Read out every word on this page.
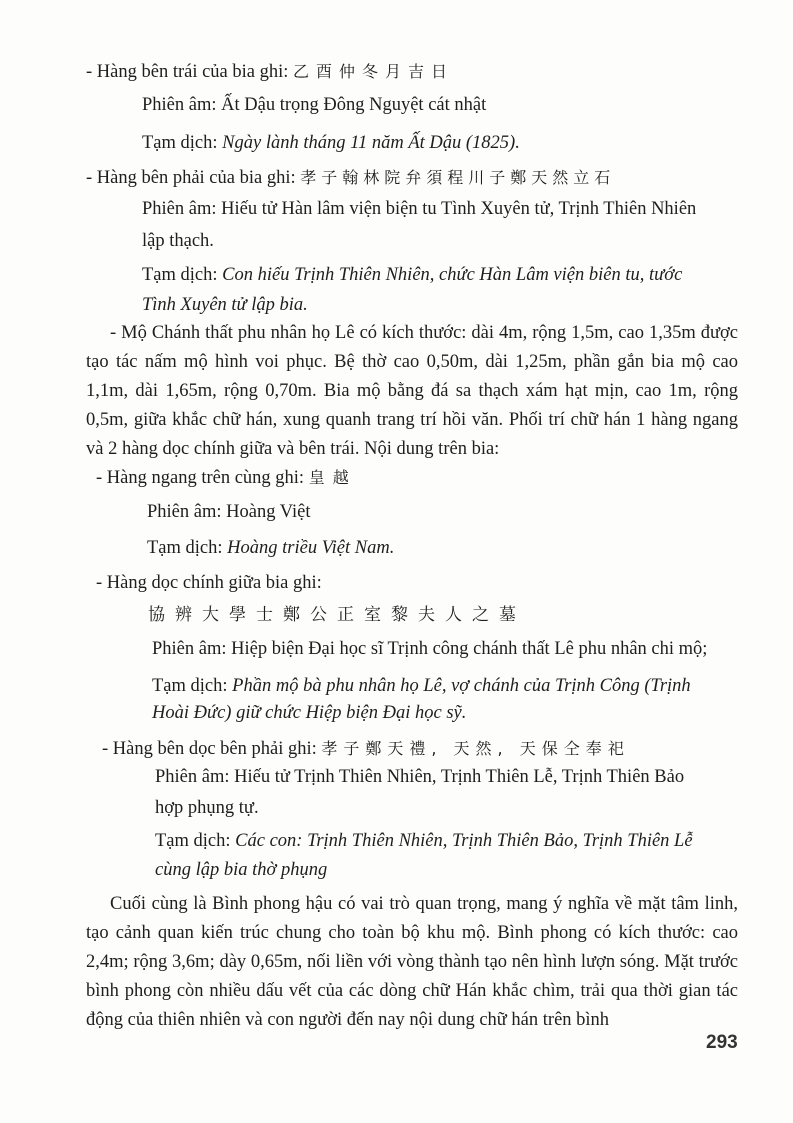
- Hàng bên trái của bia ghi: 乙酉仲冬月吉日
Phiên âm: Ất Dậu trọng Đông Nguyệt cát nhật
Tạm dịch: Ngày lành tháng 11 năm Ất Dậu (1825).
- Hàng bên phải của bia ghi: 孝子翰林院弁須程川子鄭天然立石
Phiên âm: Hiếu tử Hàn lâm viện biện tu Tình Xuyên tử, Trịnh Thiên Nhiên
lập thạch.
Tạm dịch: Con hiếu Trịnh Thiên Nhiên, chức Hàn Lâm viện biên tu, tước
Tình Xuyên tử lập bia.
- Mộ Chánh thất phu nhân họ Lê có kích thước: dài 4m, rộng 1,5m, cao 1,35m được tạo tác nấm mộ hình voi phục. Bệ thờ cao 0,50m, dài 1,25m, phần gắn bia mộ cao 1,1m, dài 1,65m, rộng 0,70m. Bia mộ bằng đá sa thạch xám hạt mịn, cao 1m, rộng 0,5m, giữa khắc chữ hán, xung quanh trang trí hồi văn. Phối trí chữ hán 1 hàng ngang và 2 hàng dọc chính giữa và bên trái. Nội dung trên bia:
- Hàng ngang trên cùng ghi: 皇越
Phiên âm: Hoàng Việt
Tạm dịch: Hoàng triều Việt Nam.
- Hàng dọc chính giữa bia ghi:
協辨大學士鄭公正室黎夫人之墓
Phiên âm: Hiệp biện Đại học sĩ Trịnh công chánh thất Lê phu nhân chi mộ;
Tạm dịch: Phần mộ bà phu nhân họ Lê, vợ chánh của Trịnh Công (Trịnh
Hoài Đức) giữ chức Hiệp biện Đại học sỹ.
- Hàng bên dọc bên phải ghi: 孝子鄭天禮, 天然, 天保仝奉祀
Phiên âm: Hiếu tử Trịnh Thiên Nhiên, Trịnh Thiên Lễ, Trịnh Thiên Bảo
hợp phụng tự.
Tạm dịch: Các con: Trịnh Thiên Nhiên, Trịnh Thiên Bảo, Trịnh Thiên Lễ
cùng lập bia thờ phụng
Cuối cùng là Bình phong hậu có vai trò quan trọng, mang ý nghĩa về mặt tâm linh, tạo cảnh quan kiến trúc chung cho toàn bộ khu mộ. Bình phong có kích thước: cao 2,4m; rộng 3,6m; dày 0,65m, nối liền với vòng thành tạo nên hình lượn sóng. Mặt trước bình phong còn nhiều dấu vết của các dòng chữ Hán khắc chìm, trải qua thời gian tác động của thiên nhiên và con người đến nay nội dung chữ hán trên bình
293
